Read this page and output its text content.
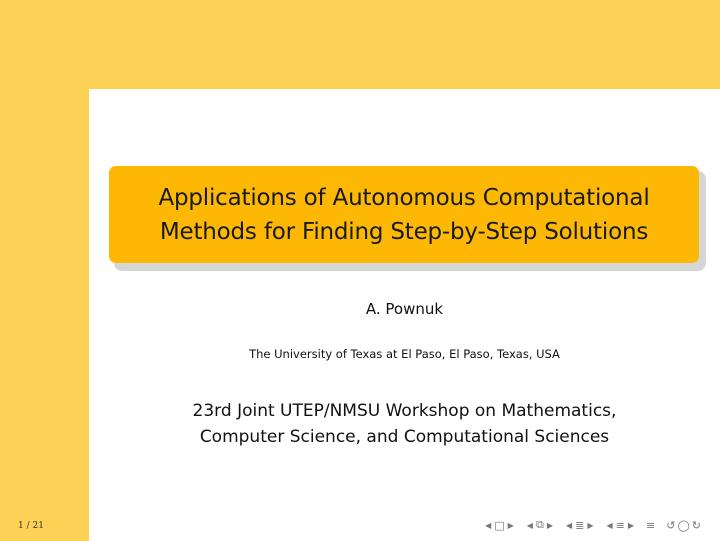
Applications of Autonomous Computational
Methods for Finding Step-by-Step Solutions
A. Pownuk
The University of Texas at El Paso, El Paso, Texas, USA
23rd Joint UTEP/NMSU Workshop on Mathematics,
Computer Science, and Computational Sciences
1 / 21	◀ □ ▶ ◀ ⧉ ▶ ◀ ≣ ▶ ◀ ≡ ▶ ≡ ↺ ◯ ↻
